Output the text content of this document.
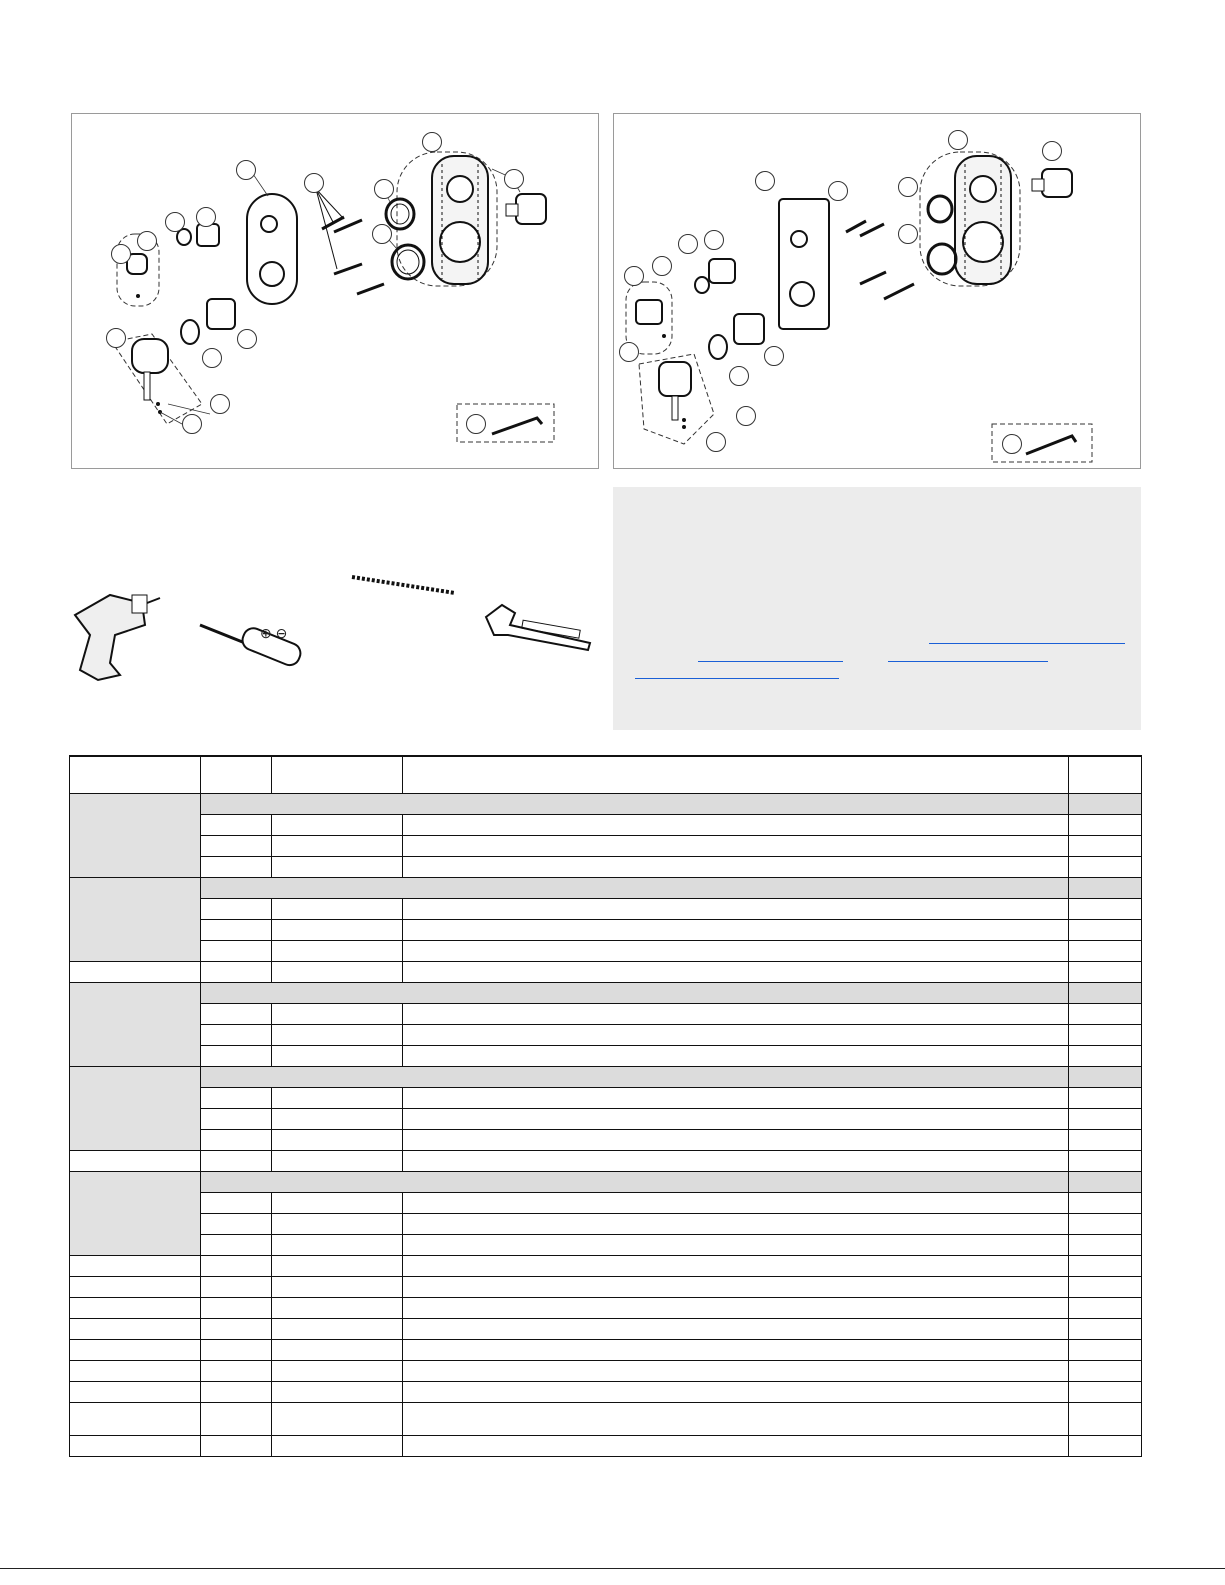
⊕ ⊖
